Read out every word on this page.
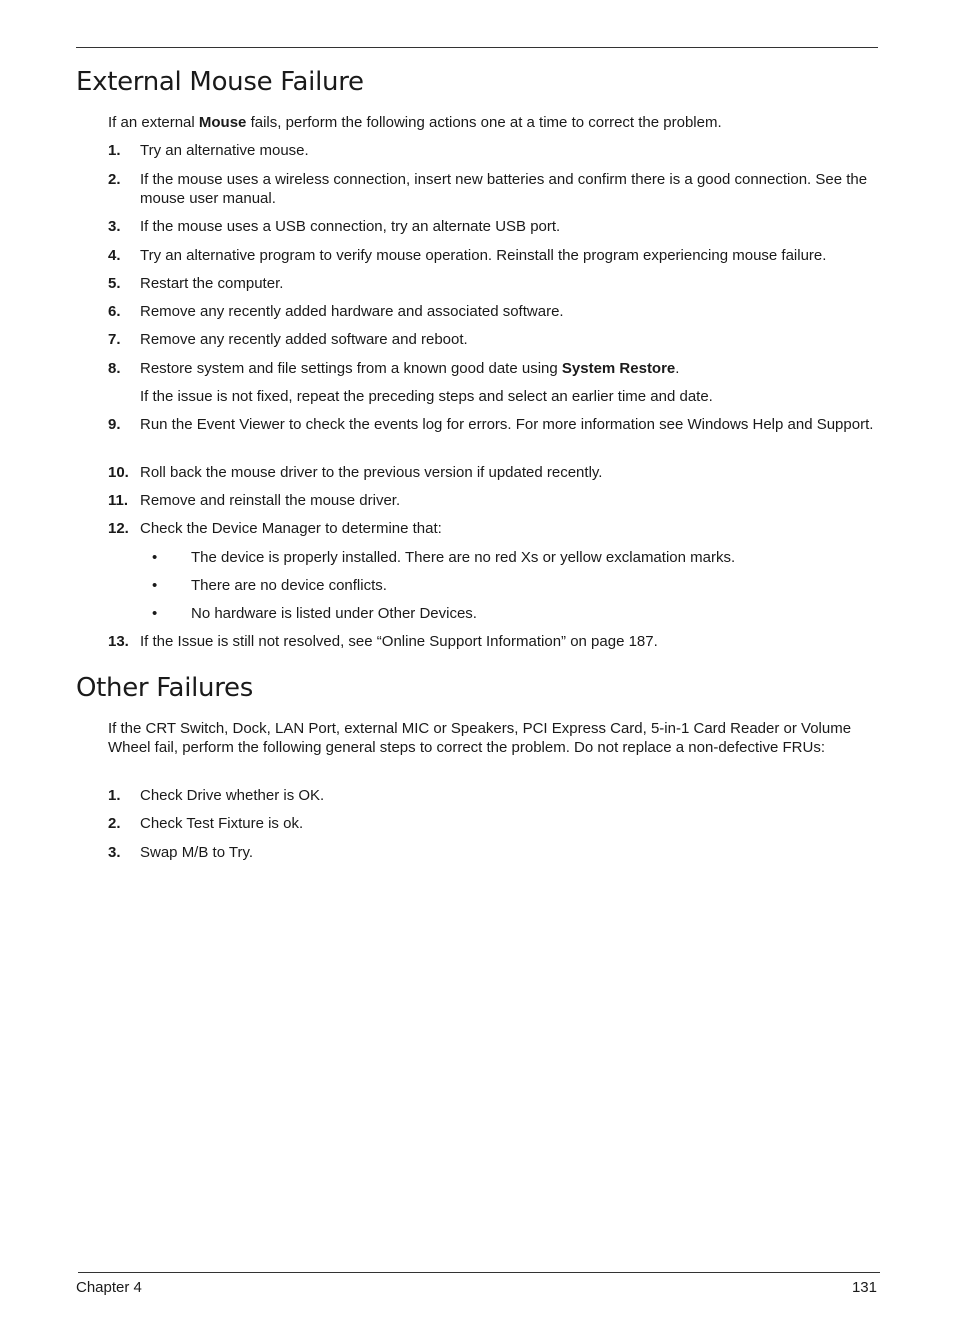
External Mouse Failure

If an external Mouse fails, perform the following actions one at a time to correct the problem.

1. Try an alternative mouse.
2. If the mouse uses a wireless connection, insert new batteries and confirm there is a good connection. See the mouse user manual.
3. If the mouse uses a USB connection, try an alternate USB port.
4. Try an alternative program to verify mouse operation. Reinstall the program experiencing mouse failure.
5. Restart the computer.
6. Remove any recently added hardware and associated software.
7. Remove any recently added software and reboot.
8. Restore system and file settings from a known good date using System Restore.
If the issue is not fixed, repeat the preceding steps and select an earlier time and date.
9. Run the Event Viewer to check the events log for errors. For more information see Windows Help and Support.
10. Roll back the mouse driver to the previous version if updated recently.
11. Remove and reinstall the mouse driver.
12. Check the Device Manager to determine that:
• The device is properly installed. There are no red Xs or yellow exclamation marks.
• There are no device conflicts.
• No hardware is listed under Other Devices.
13. If the Issue is still not resolved, see “Online Support Information” on page 187.
Other Failures

If the CRT Switch, Dock, LAN Port, external MIC or Speakers, PCI Express Card, 5-in-1 Card Reader or Volume Wheel fail, perform the following general steps to correct the problem. Do not replace a non-defective FRUs:

1. Check Drive whether is OK.
2. Check Test Fixture is ok.
3. Swap M/B to Try.
Chapter 4	131
